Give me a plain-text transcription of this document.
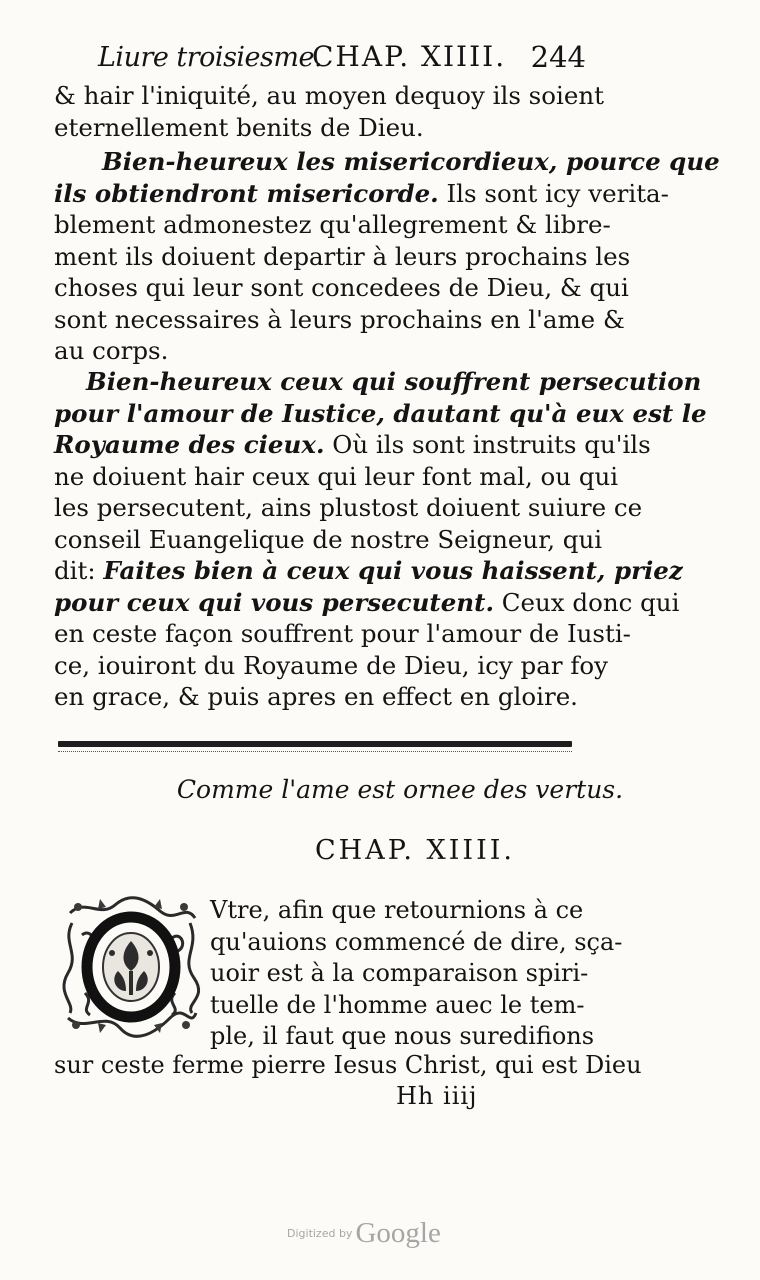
Liure troisiesme.
CHAP. XIIII. 244
& hair l'iniquité, au moyen dequoy ils soient
eternellement benits de Dieu.
Bien-heureux les misericordieux, pource que
ils obtiendront misericorde. Ils sont icy verita-
blement admonestez qu'allegrement & libre-
ment ils doiuent departir à leurs prochains les
choses qui leur sont concedees de Dieu, & qui
sont necessaires à leurs prochains en l'ame &
au corps.
Bien-heureux ceux qui souffrent persecution
pour l'amour de Iustice, dautant qu'à eux est le
Royaume des cieux. Où ils sont instruits qu'ils
ne doiuent hair ceux qui leur font mal, ou qui
les persecutent, ains plustost doiuent suiure ce
conseil Euangelique de nostre Seigneur, qui
dit: Faites bien à ceux qui vous haissent, priez
pour ceux qui vous persecutent. Ceux donc qui
en ceste façon souffrent pour l'amour de Iusti-
ce, iouiront du Royaume de Dieu, icy par foy
en grace, & puis apres en effect en gloire.
Comme l'ame est ornee des vertus.
CHAP. XIIII.
O
Vtre, afin que retournions à ce
qu'auions commencé de dire, sça-
uoir est à la comparaison spiri-
tuelle de l'homme auec le tem-
ple, il faut que nous suredifions
sur ceste ferme pierre Iesus Christ, qui est Dieu
Hh iiij
Digitized by Google
